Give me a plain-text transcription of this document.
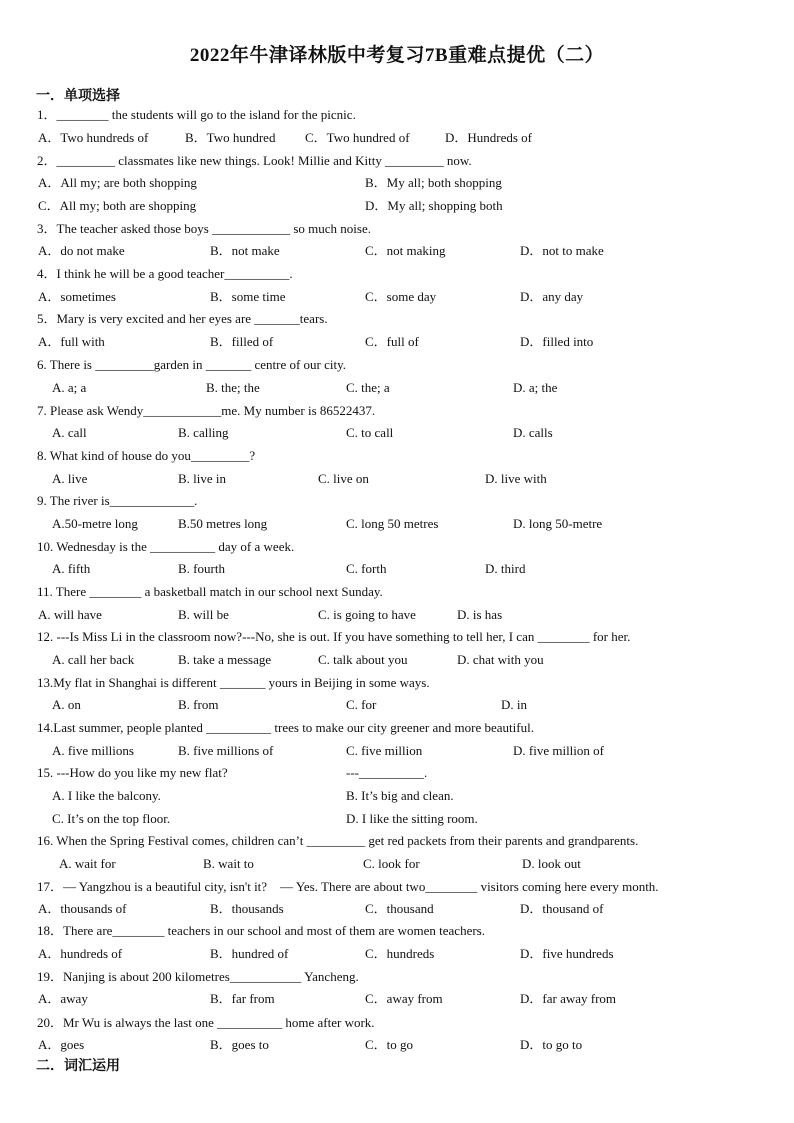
2022年牛津译林版中考复习7B重难点提优（二）
一．单项选择
1．________ the students will go to the island for the picnic.
A．Two hundreds of	B．Two hundred C．Two hundred of	D．Hundreds of
2．_________ classmates like new things. Look! Millie and Kitty _________ now.
A．All my; are both shopping	B．My all; both shopping
C．All my; both are shopping	D．My all; shopping both
3．The teacher asked those boys ____________ so much noise.
A．do not make	B．not make	C．not making	D．not to make
4．I think he will be a good teacher__________.
A．sometimes	B．some time	C．some day	D．any day
5．Mary is very excited and her eyes are _______tears.
A．full with	B．filled of	C．full of	D．filled into
6. There is _________garden in _______ centre of our city.
A. a; a	B. the; the	C. the; a	D. a; the
7. Please ask Wendy____________me. My number is 86522437.
A. call	B. calling	C. to call	D. calls
8. What kind of house do you_________?
A. live	B. live in	C. live on	D. live with
9. The river is_____________.
A.50-metre long	B.50 metres long	C. long 50 metres	D. long 50-metre
10. Wednesday is the __________ day of a week.
A. fifth	B. fourth	C. forth	D. third
11. There ________ a basketball match in our school next Sunday.
A. will have	B. will be	C. is going to have	D. is has
12. ---Is Miss Li in the classroom now?---No, she is out. If you have something to tell her, I can ________ for her.
A. call her back	B. take a message	C. talk about you	D. chat with you
13.My flat in Shanghai is different _______ yours in Beijing in some ways.
A. on	B. from	C. for	D. in
14.Last summer, people planted __________ trees to make our city greener and more beautiful.
A. five millions	B. five millions of	C. five million	D. five million of
15. ---How do you like my new flat?	---__________.
A. I like the balcony.	B. It’s big and clean.
C. It’s on the top floor.	D. I like the sitting room.
16. When the Spring Festival comes, children can’t _________ get red packets from their parents and grandparents.
A. wait for	B. wait to	C. look for	D. look out
17．— Yangzhou is a beautiful city, isn't it?　— Yes. There are about two________ visitors coming here every month.
A．thousands of	B．thousands	C．thousand	D．thousand of
18．There are________ teachers in our school and most of them are women teachers.
A．hundreds of	B．hundred of	C．hundreds	D．five hundreds
19．Nanjing is about 200 kilometres___________ Yancheng.
A．away	B．far from	C．away from	D．far away from
20．Mr Wu is always the last one __________ home after work.
A．goes	B．goes to	C．to go	D．to go to
二．词汇运用
